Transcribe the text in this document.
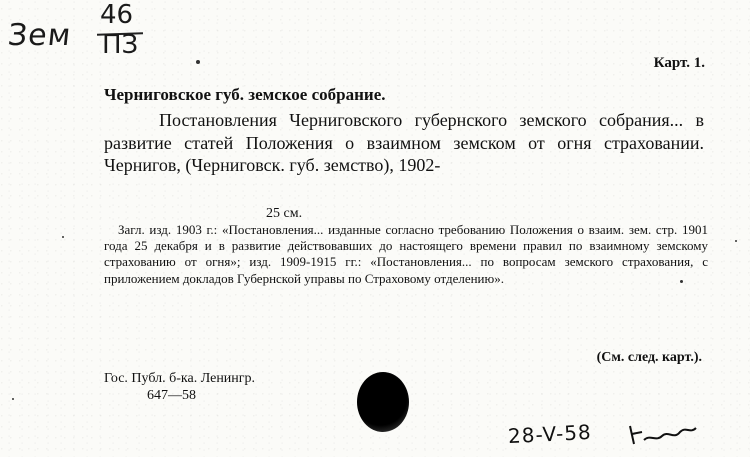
Зем
46
ПЗ
Карт. 1.
Черниговское губ. земское собрание.
Постановления Черниговского губернского земского собрания... в развитие статей Положения о взаимном земском от огня страховании. Чернигов, (Черниговск. губ. земство), 1902-
25 см.
Загл. изд. 1903 г.: «Постановления... изданные согласно требованию Положения о взаим. зем. стр. 1901 года 25 декабря и в развитие действовавших до настоящего времени правил по взаимному земскому страхованию от огня»; изд. 1909-1915 гг.: «Постановления... по вопросам земского страхования, с приложением докладов Губернской управы по Страховому отделению».
(См. след. карт.).
Гос. Публ. б-ка. Ленингр.
647—58
28-V-58
